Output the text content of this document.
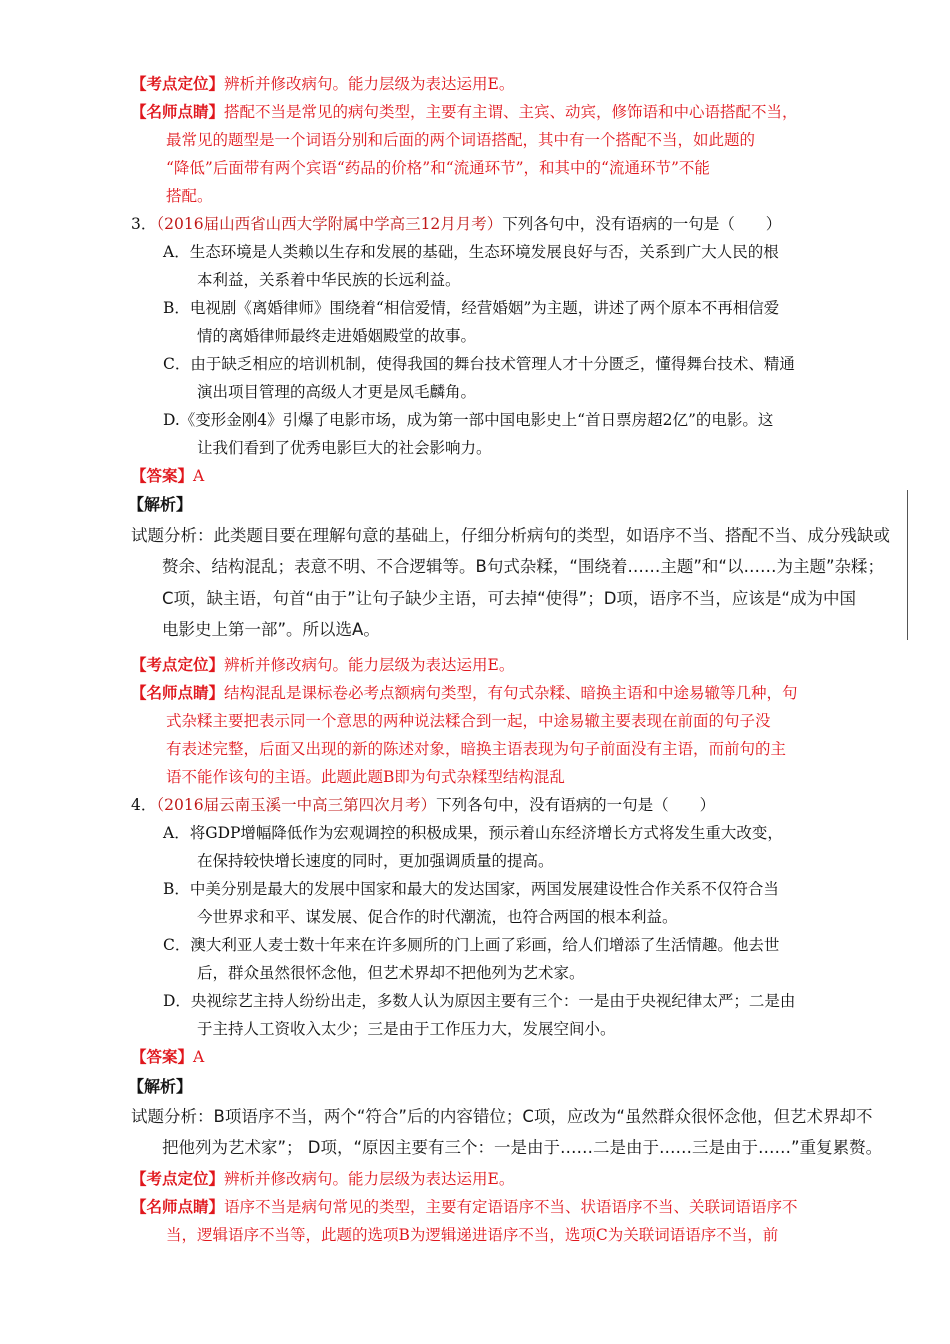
【考点定位】辨析并修改病句。能力层级为表达运用E。
【名师点睛】搭配不当是常见的病句类型，主要有主谓、主宾、动宾，修饰语和中心语搭配不当，
最常见的题型是一个词语分别和后面的两个词语搭配，其中有一个搭配不当，如此题的
“降低”后面带有两个宾语“药品的价格”和“流通环节”，和其中的“流通环节”不能
搭配。
3．（2016届山西省山西大学附属中学高三12月月考）下列各句中，没有语病的一句是（　　）
A．生态环境是人类赖以生存和发展的基础，生态环境发展良好与否，关系到广大人民的根
本利益，关系着中华民族的长远利益。
B．电视剧《离婚律师》围绕着“相信爱情，经营婚姻”为主题，讲述了两个原本不再相信爱
情的离婚律师最终走进婚姻殿堂的故事。
C．由于缺乏相应的培训机制，使得我国的舞台技术管理人才十分匮乏，懂得舞台技术、精通
演出项目管理的高级人才更是凤毛麟角。
D.《变形金刚4》引爆了电影市场，成为第一部中国电影史上“首日票房超2亿”的电影。这
让我们看到了优秀电影巨大的社会影响力。
【答案】A
【解析】
试题分析：此类题目要在理解句意的基础上，仔细分析病句的类型，如语序不当、搭配不当、成分残缺或
赘余、结构混乱；表意不明、不合逻辑等。B句式杂糅，“围绕着……主题”和“以……为主题”杂糅；
C项，缺主语，句首“由于”让句子缺少主语，可去掉“使得”；D项，语序不当，应该是“成为中国
电影史上第一部”。所以选A。
【考点定位】辨析并修改病句。能力层级为表达运用E。
【名师点睛】结构混乱是课标卷必考点额病句类型，有句式杂糅、暗换主语和中途易辙等几种，句
式杂糅主要把表示同一个意思的两种说法糅合到一起，中途易辙主要表现在前面的句子没
有表述完整，后面又出现的新的陈述对象，暗换主语表现为句子前面没有主语，而前句的主
语不能作该句的主语。此题此题B即为句式杂糅型结构混乱
4．（2016届云南玉溪一中高三第四次月考）下列各句中，没有语病的一句是（　　）
A．将GDP增幅降低作为宏观调控的积极成果，预示着山东经济增长方式将发生重大改变，
在保持较快增长速度的同时，更加强调质量的提高。
B．中美分别是最大的发展中国家和最大的发达国家，两国发展建设性合作关系不仅符合当
今世界求和平、谋发展、促合作的时代潮流，也符合两国的根本利益。
C．澳大利亚人麦士数十年来在许多厕所的门上画了彩画，给人们增添了生活情趣。他去世
后，群众虽然很怀念他，但艺术界却不把他列为艺术家。
D．央视综艺主持人纷纷出走，多数人认为原因主要有三个：一是由于央视纪律太严；二是由
于主持人工资收入太少；三是由于工作压力大，发展空间小。
【答案】A
【解析】
试题分析：B项语序不当，两个“符合”后的内容错位；C项，应改为“虽然群众很怀念他，但艺术界却不
把他列为艺术家”； D项，“原因主要有三个：一是由于……二是由于……三是由于……”重复累赘。
【考点定位】辨析并修改病句。能力层级为表达运用E。
【名师点睛】语序不当是病句常见的类型，主要有定语语序不当、状语语序不当、关联词语语序不
当，逻辑语序不当等，此题的选项B为逻辑递进语序不当，选项C为关联词语语序不当，前
